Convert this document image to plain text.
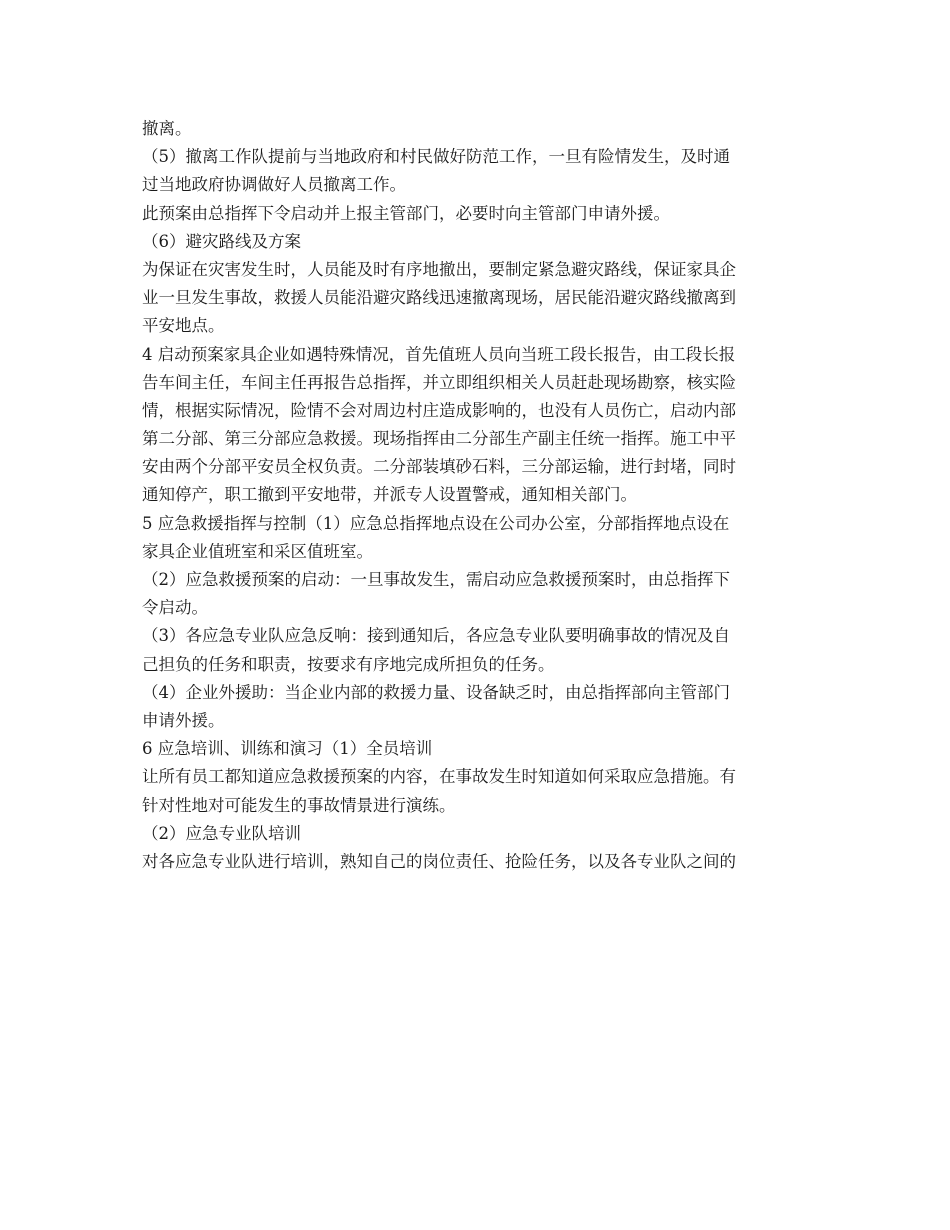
撤离。
（5）撤离工作队提前与当地政府和村民做好防范工作，一旦有险情发生，及时通
过当地政府协调做好人员撤离工作。
此预案由总指挥下令启动并上报主管部门，必要时向主管部门申请外援。
（6）避灾路线及方案
为保证在灾害发生时，人员能及时有序地撤出，要制定紧急避灾路线，保证家具企
业一旦发生事故，救援人员能沿避灾路线迅速撤离现场，居民能沿避灾路线撤离到
平安地点。
4 启动预案家具企业如遇特殊情况，首先值班人员向当班工段长报告，由工段长报
告车间主任，车间主任再报告总指挥，并立即组织相关人员赶赴现场勘察，核实险
情，根据实际情况，险情不会对周边村庄造成影响的，也没有人员伤亡，启动内部
第二分部、第三分部应急救援。现场指挥由二分部生产副主任统一指挥。施工中平
安由两个分部平安员全权负责。二分部装填砂石料，三分部运输，进行封堵，同时
通知停产，职工撤到平安地带，并派专人设置警戒，通知相关部门。
5 应急救援指挥与控制（1）应急总指挥地点设在公司办公室，分部指挥地点设在
家具企业值班室和采区值班室。
（2）应急救援预案的启动：一旦事故发生，需启动应急救援预案时，由总指挥下
令启动。
（3）各应急专业队应急反响：接到通知后，各应急专业队要明确事故的情况及自
己担负的任务和职责，按要求有序地完成所担负的任务。
（4）企业外援助：当企业内部的救援力量、设备缺乏时，由总指挥部向主管部门
申请外援。
6 应急培训、训练和演习（1）全员培训
让所有员工都知道应急救援预案的内容，在事故发生时知道如何采取应急措施。有
针对性地对可能发生的事故情景进行演练。
（2）应急专业队培训
对各应急专业队进行培训，熟知自己的岗位责任、抢险任务，以及各专业队之间的
